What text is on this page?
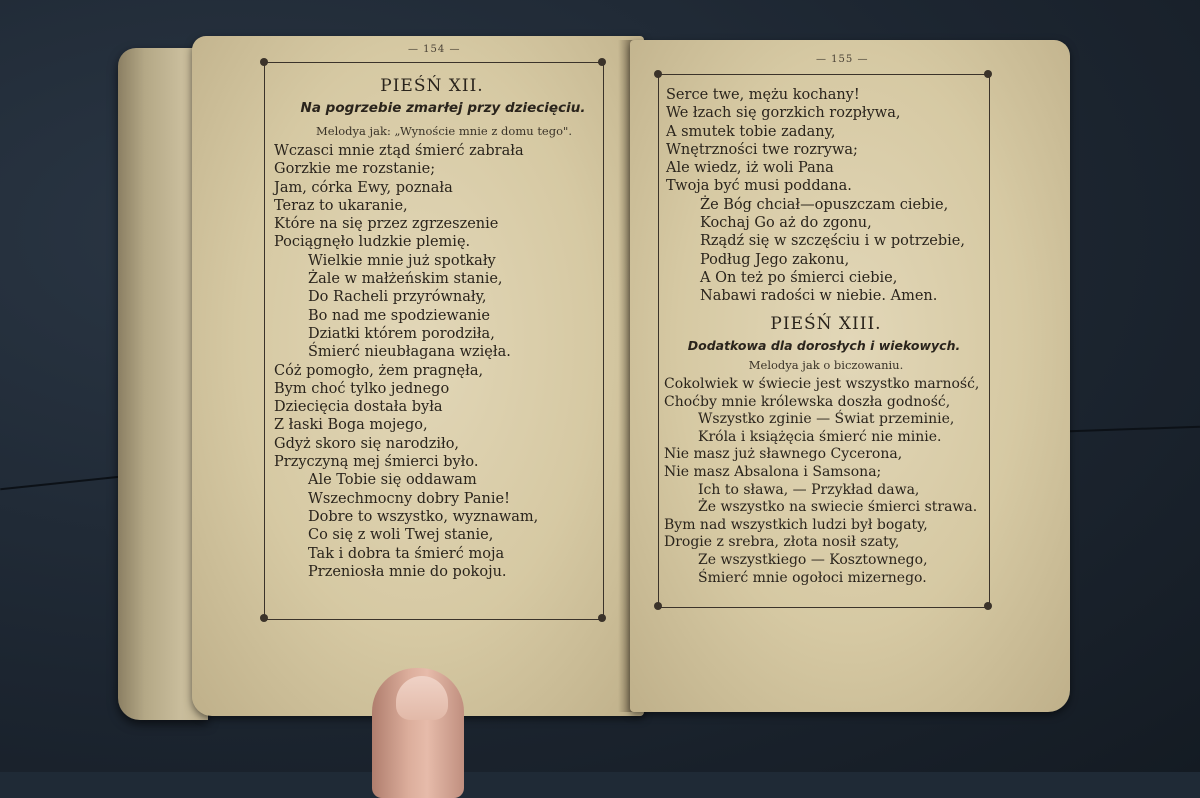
— 154 —
PIEŚŃ XII.
Na pogrzebie zmarłej przy dziecięciu.
Melodya jak: „Wynoście mnie z domu tego".
Wczasci mnie ztąd śmierć zabrała
Gorzkie me rozstanie;
Jam, córka Ewy, poznała
Teraz to ukaranie,
Które na się przez zgrzeszenie
Pociągnęło ludzkie plemię.
Wielkie mnie już spotkały
Żale w małżeńskim stanie,
Do Racheli przyrównały,
Bo nad me spodziewanie
Dziatki którem porodziła,
Śmierć nieubłagana wzięła.
Cóż pomogło, żem pragnęła,
Bym choć tylko jednego
Dziecięcia dostała była
Z łaski Boga mojego,
Gdyż skoro się narodziło,
Przyczyną mej śmierci było.
Ale Tobie się oddawam
Wszechmocny dobry Panie!
Dobre to wszystko, wyznawam,
Co się z woli Twej stanie,
Tak i dobra ta śmierć moja
Przeniosła mnie do pokoju.
— 155 —
Serce twe, mężu kochany!
We łzach się gorzkich rozpływa,
A smutek tobie zadany,
Wnętrzności twe rozrywa;
Ale wiedz, iż woli Pana
Twoja być musi poddana.
Że Bóg chciał—opuszczam ciebie,
Kochaj Go aż do zgonu,
Rządź się w szczęściu i w potrzebie,
Podług Jego zakonu,
A On też po śmierci ciebie,
Nabawi radości w niebie. Amen.
PIEŚŃ XIII.
Dodatkowa dla dorosłych i wiekowych.
Melodya jak o biczowaniu.
Cokolwiek w świecie jest wszystko marność,
Choćby mnie królewska doszła godność,
Wszystko zginie — Świat przeminie,
Króla i książęcia śmierć nie minie.
Nie masz już sławnego Cycerona,
Nie masz Absalona i Samsona;
Ich to sława, — Przykład dawa,
Że wszystko na swiecie śmierci strawa.
Bym nad wszystkich ludzi był bogaty,
Drogie z srebra, złota nosił szaty,
Ze wszystkiego — Kosztownego,
Śmierć mnie ogołoci mizernego.
